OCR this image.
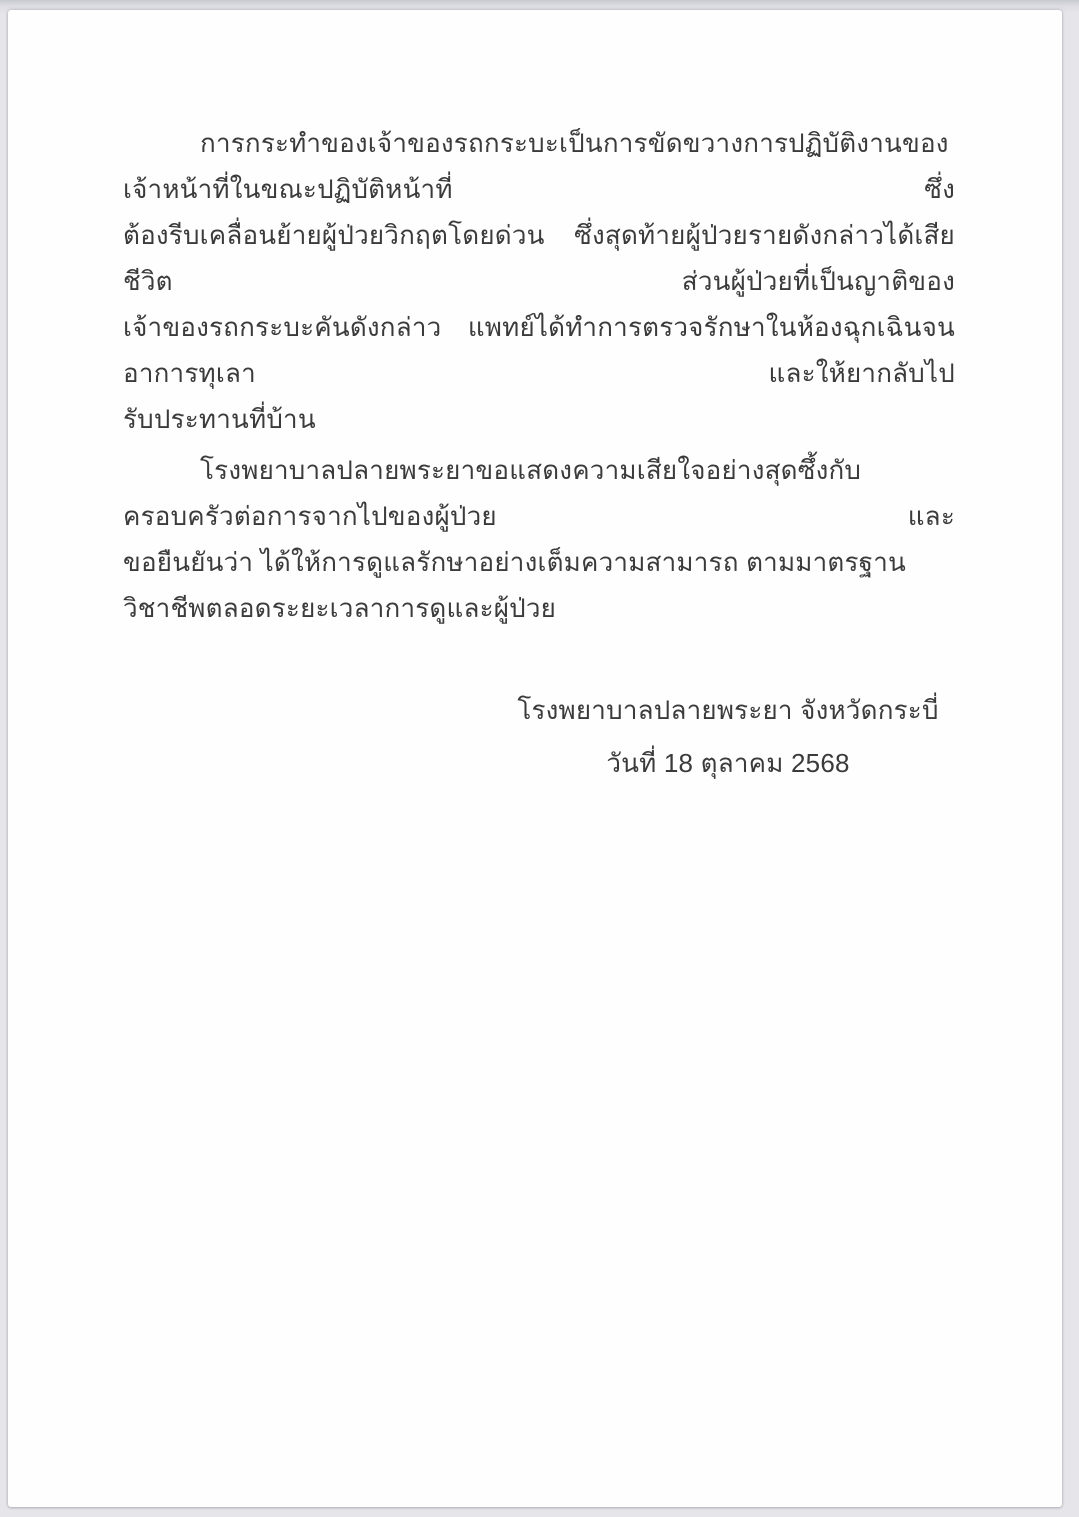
การกระทำของเจ้าของรถกระบะเป็นการขัดขวางการปฏิบัติงานของเจ้าหน้าที่ในขณะปฏิบัติหน้าที่ ซึ่ง
ต้องรีบเคลื่อนย้ายผู้ป่วยวิกฤตโดยด่วน ซึ่งสุดท้ายผู้ป่วยรายดังกล่าวได้เสียชีวิต ส่วนผู้ป่วยที่เป็นญาติของ
เจ้าของรถกระบะคันดังกล่าว แพทย์ได้ทำการตรวจรักษาในห้องฉุกเฉินจน อาการทุเลา และให้ยากลับไป
รับประทานที่บ้าน
โรงพยาบาลปลายพระยาขอแสดงความเสียใจอย่างสุดซึ้งกับครอบครัวต่อการจากไปของผู้ป่วย และ
ขอยืนยันว่า ได้ให้การดูแลรักษาอย่างเต็มความสามารถ ตามมาตรฐานวิชาชีพตลอดระยะเวลาการดูและผู้ป่วย
โรงพยาบาลปลายพระยา จังหวัดกระบี่
วันที่ 18 ตุลาคม 2568
